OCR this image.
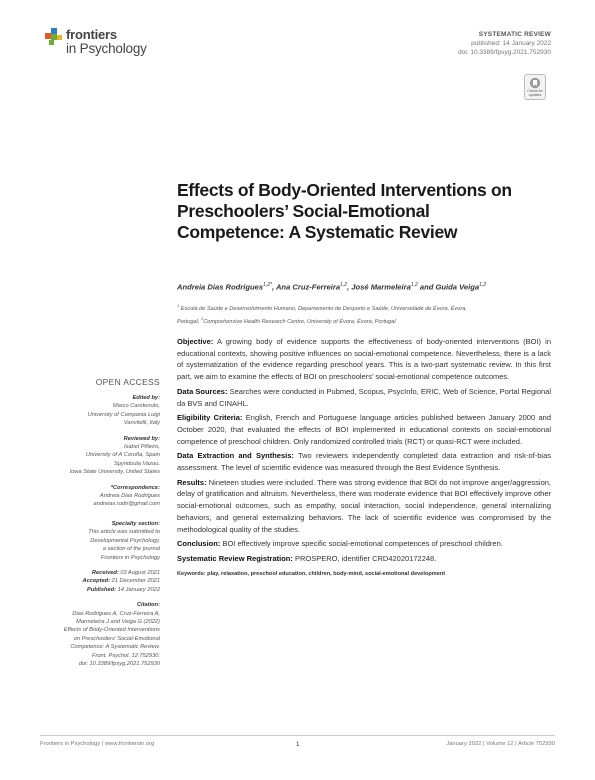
frontiers
in Psychology
SYSTEMATIC REVIEW
published: 14 January 2022
doi: 10.3389/fpsyg.2021.752930
Check for
updates
Effects of Body-Oriented Interventions on Preschoolers’ Social-Emotional Competence: A Systematic Review
Andreia Dias Rodrigues$^{1,2*}$, Ana Cruz-Ferreira$^{1,2}$, José Marmeleira$^{1,2}$ and Guida Veiga$^{1,2}$
$^1$ Escola de Saúde e Desenvolvimento Humano, Departamento de Desporto e Saúde, Universidade de Évora, Évora,
Portugal, $^2$Comprehensive Health Research Centre, University of Évora, Évora, Portugal
OPEN ACCESS
Edited by:
Marco Carotenuto,
University of Campania Luigi
Vanvitelli, Italy
Reviewed by:
Isabel Piñeiro,
University of A Coruña, Spain
Spyridoula Vazou,
Iowa State University, United States
*Correspondence:
Andreia Dias Rodrigues
andreias.rodri@gmail.com
Specialty section:
This article was submitted to
Developmental Psychology,
a section of the journal
Frontiers in Psychology
Received: 03 August 2021
Accepted: 21 December 2021
Published: 14 January 2022
Citation:
Dias Rodrigues A, Cruz-Ferreira A,
Marmeleira J and Veiga G (2022)
Effects of Body-Oriented Interventions
on Preschoolers’ Social-Emotional
Competence: A Systematic Review.
Front. Psychol. 12:752930.
doi: 10.3389/fpsyg.2021.752930

Objective: A growing body of evidence supports the effectiveness of body-oriented interventions (BOI) in educational contexts, showing positive influences on social-emotional competence. Nevertheless, there is a lack of systematization of the evidence regarding preschool years. This is a two-part systematic review. In this first part, we aim to examine the effects of BOI on preschoolers’ social-emotional competence outcomes.

Data Sources: Searches were conducted in Pubmed, Scopus, PsycInfo, ERIC, Web of Science, Portal Regional da BVS and CINAHL.

Eligibility Criteria: English, French and Portuguese language articles published between January 2000 and October 2020, that evaluated the effects of BOI implemented in educational contexts on social-emotional competence of preschool children. Only randomized controlled trials (RCT) or quasi-RCT were included.

Data Extraction and Synthesis: Two reviewers independently completed data extraction and risk-of-bias assessment. The level of scientific evidence was measured through the Best Evidence Synthesis.

Results: Nineteen studies were included. There was strong evidence that BOI do not improve anger/aggression, delay of gratification and altruism. Nevertheless, there was moderate evidence that BOI effectively improve other social-emotional outcomes, such as empathy, social interaction, social independence, general internalizing behaviors, and general externalizing behaviors. The lack of scientific evidence was compromised by the methodological quality of the studies.

Conclusion: BOI effectively improve specific social-emotional competences of preschool children.

Systematic Review Registration: PROSPERO, identifier CRD42020172248.

Keywords: play, relaxation, preschool education, children, body-mind, social-emotional development
Frontiers in Psychology | www.frontiersin.org	1	January 2022 | Volume 12 | Article 752930
